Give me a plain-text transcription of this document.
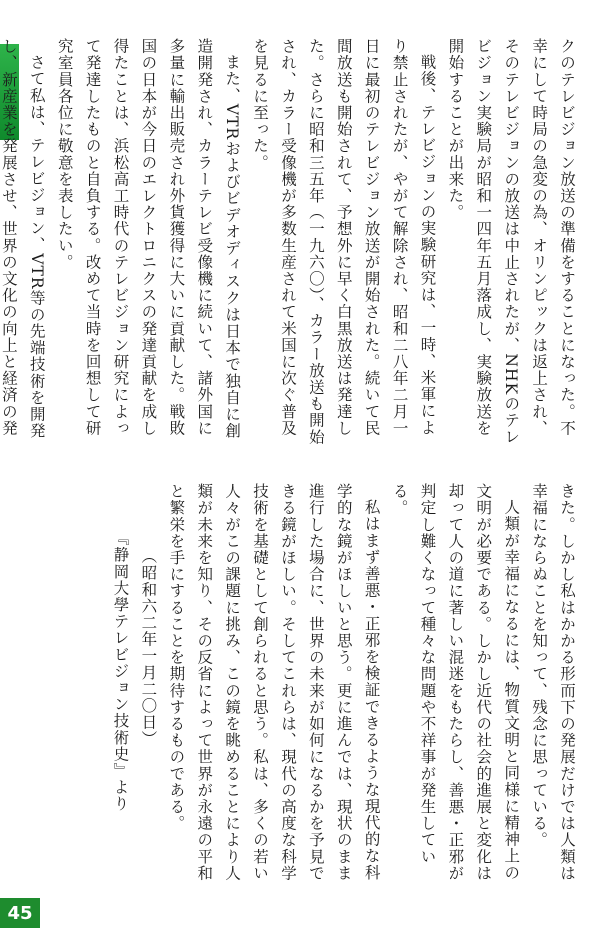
クのテレビジョン放送の準備をすることになった。不幸にして時局の急変の為、オリンピックは返上され、そのテレビジョンの放送は中止されたが、NHKのテレビジョン実験局が昭和一四年五月落成し、実験放送を開始することが出来た。

戦後、テレビジョンの実験研究は、一時、米軍により禁止されたが、やがて解除され、昭和二八年二月一日に最初のテレビジョン放送が開始された。続いて民間放送も開始されて、予想外に早く白黒放送は発達した。さらに昭和三五年（一九六〇）、カラー放送も開始され、カラー受像機が多数生産されて米国に次ぐ普及を見るに至った。

また、VTRおよびビデオディスクは日本で独自に創造開発され、カラーテレビ受像機に続いて、諸外国に多量に輸出販売され外貨獲得に大いに貢献した。戦敗国の日本が今日のエレクトロニクスの発達貢献を成し得たことは、浜松高工時代のテレビジョン研究によって発達したものと自負する。改めて当時を回想して研究室員各位に敬意を表したい。

さて私は、テレビジョン、VTR等の先端技術を開発し、新産業を発展させ、世界の文化の向上と経済の発

きた。しかし私はかかる形而下の発展だけでは人類は幸福にならぬことを知って、残念に思っている。

人類が幸福になるには、物質文明と同様に精神上の文明が必要である。しかし近代の社会的進展と変化は却って人の道に著しい混迷をもたらし、善悪・正邪が判定し難くなって種々な問題や不祥事が発生している。

私はまず善悪・正邪を検証できるような現代的な科学的な鏡がほしいと思う。更に進んでは、現状のまま進行した場合に、世界の未来が如何になるかを予見できる鏡がほしい。そしてこれらは、現代の高度な科学技術を基礎として創られると思う。私は、多くの若い人々がこの課題に挑み、この鏡を眺めることにより人類が未来を知り、その反省によって世界が永遠の平和と繁栄を手にすることを期待するものである。

（昭和六二年一月二〇日）

『静岡大學テレビジョン技術史』より

45
